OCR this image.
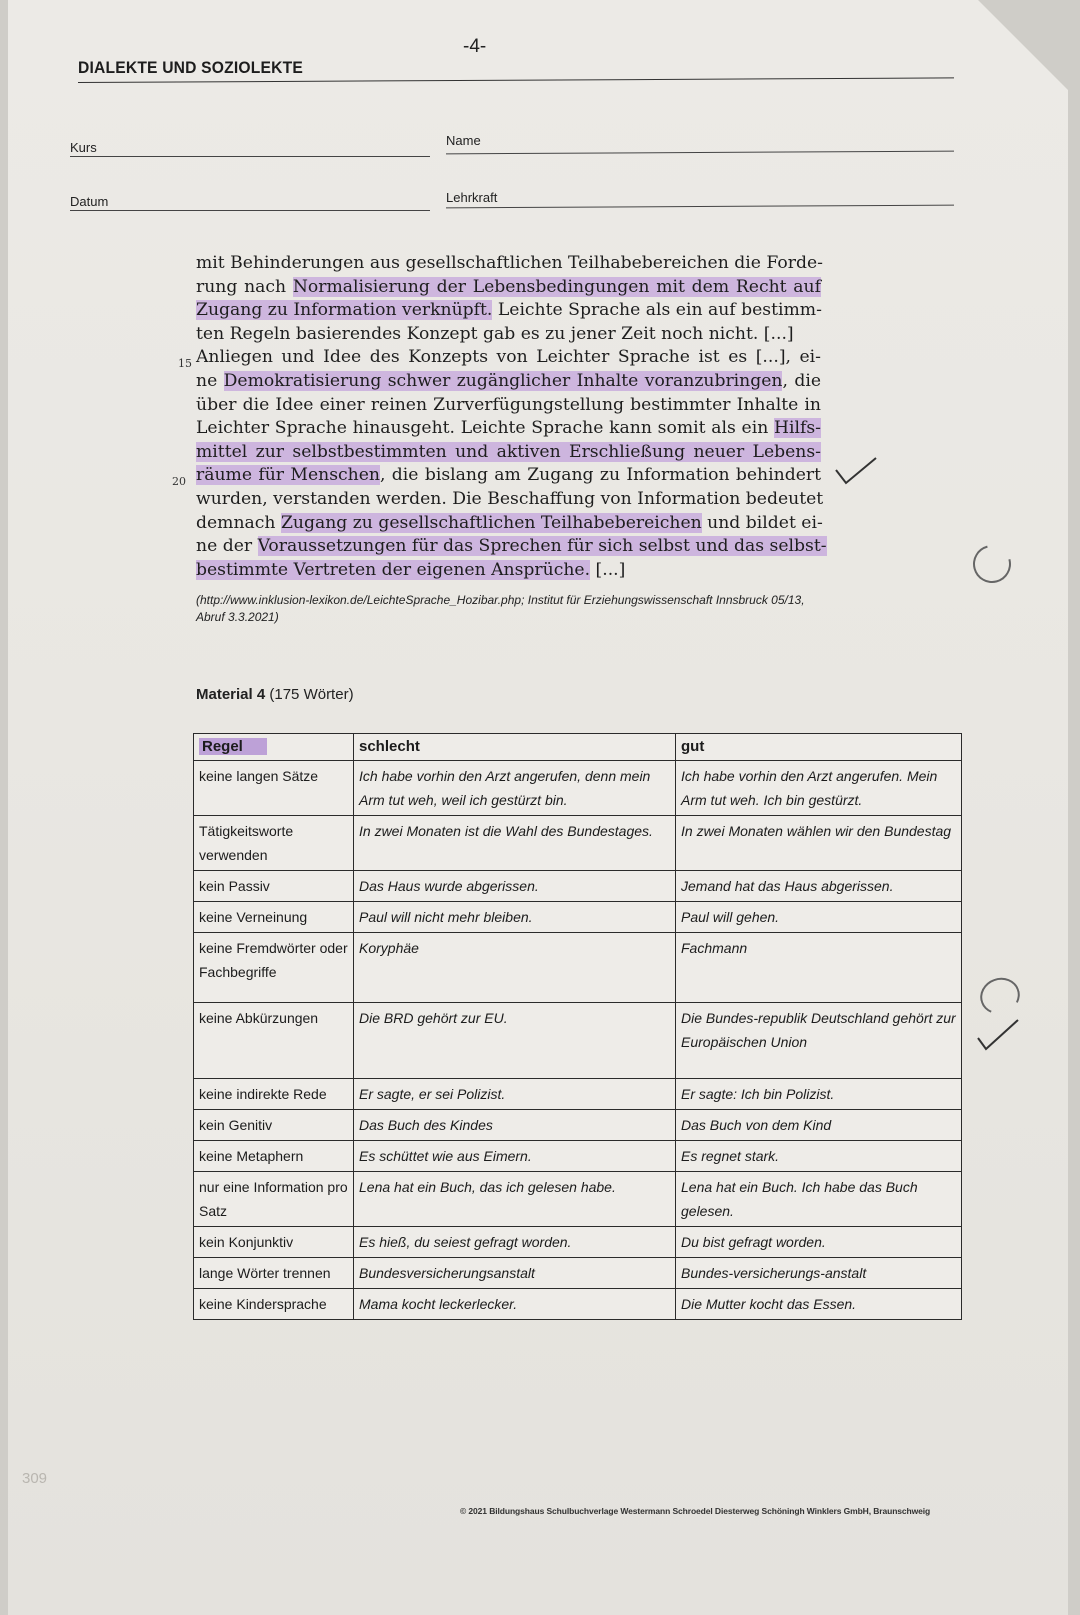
-4-
DIALEKTE UND SOZIOLEKTE
Kurs	Name
Datum	Lehrkraft
mit Behinderungen aus gesellschaftlichen Teilhabebereichen die Forde-
rung nach Normalisierung der Lebensbedingungen mit dem Recht auf
Zugang zu Information verknüpft. Leichte Sprache als ein auf bestimm-
ten Regeln basierendes Konzept gab es zu jener Zeit noch nicht. [...]
Anliegen und Idee des Konzepts von Leichter Sprache ist es [...], ei-
ne Demokratisierung schwer zugänglicher Inhalte voranzubringen, die
über die Idee einer reinen Zurverfügungstellung bestimmter Inhalte in
Leichter Sprache hinausgeht. Leichte Sprache kann somit als ein Hilfs-
mittel zur selbstbestimmten und aktiven Erschließung neuer Lebens-
räume für Menschen, die bislang am Zugang zu Information behindert
wurden, verstanden werden. Die Beschaffung von Information bedeutet
demnach Zugang zu gesellschaftlichen Teilhabebereichen und bildet ei-
ne der Voraussetzungen für das Sprechen für sich selbst und das selbst-
bestimmte Vertreten der eigenen Ansprüche. [...]
15
20
(http://www.inklusion-lexikon.de/LeichteSprache_Hozibar.php; Institut für Erziehungswissenschaft Innsbruck 05/13,
Abruf 3.3.2021)
Material 4 (175 Wörter)
Regel	schlecht	gut
keine langen Sätze	Ich habe vorhin den Arzt angerufen, denn mein Arm tut weh, weil ich gestürzt bin.	Ich habe vorhin den Arzt angerufen. Mein Arm tut weh. Ich bin gestürzt.
Tätigkeitsworte verwenden	In zwei Monaten ist die Wahl des Bundestages.	In zwei Monaten wählen wir den Bundestag
kein Passiv	Das Haus wurde abgerissen.	Jemand hat das Haus abgerissen.
keine Verneinung	Paul will nicht mehr bleiben.	Paul will gehen.
keine Fremdwörter oder Fachbegriffe	Koryphäe	Fachmann
keine Abkürzungen	Die BRD gehört zur EU.	Die Bundes-republik Deutschland gehört zur Europäischen Union
keine indirekte Rede	Er sagte, er sei Polizist.	Er sagte: Ich bin Polizist.
kein Genitiv	Das Buch des Kindes	Das Buch von dem Kind
keine Metaphern	Es schüttet wie aus Eimern.	Es regnet stark.
nur eine Information pro Satz	Lena hat ein Buch, das ich gelesen habe.	Lena hat ein Buch. Ich habe das Buch gelesen.
kein Konjunktiv	Es hieß, du seiest gefragt worden.	Du bist gefragt worden.
lange Wörter trennen	Bundesversicherungsanstalt	Bundes-versicherungs-anstalt
keine Kindersprache	Mama kocht leckerlecker.	Die Mutter kocht das Essen.
309
© 2021 Bildungshaus Schulbuchverlage Westermann Schroedel Diesterweg Schöningh Winklers GmbH, Braunschweig
